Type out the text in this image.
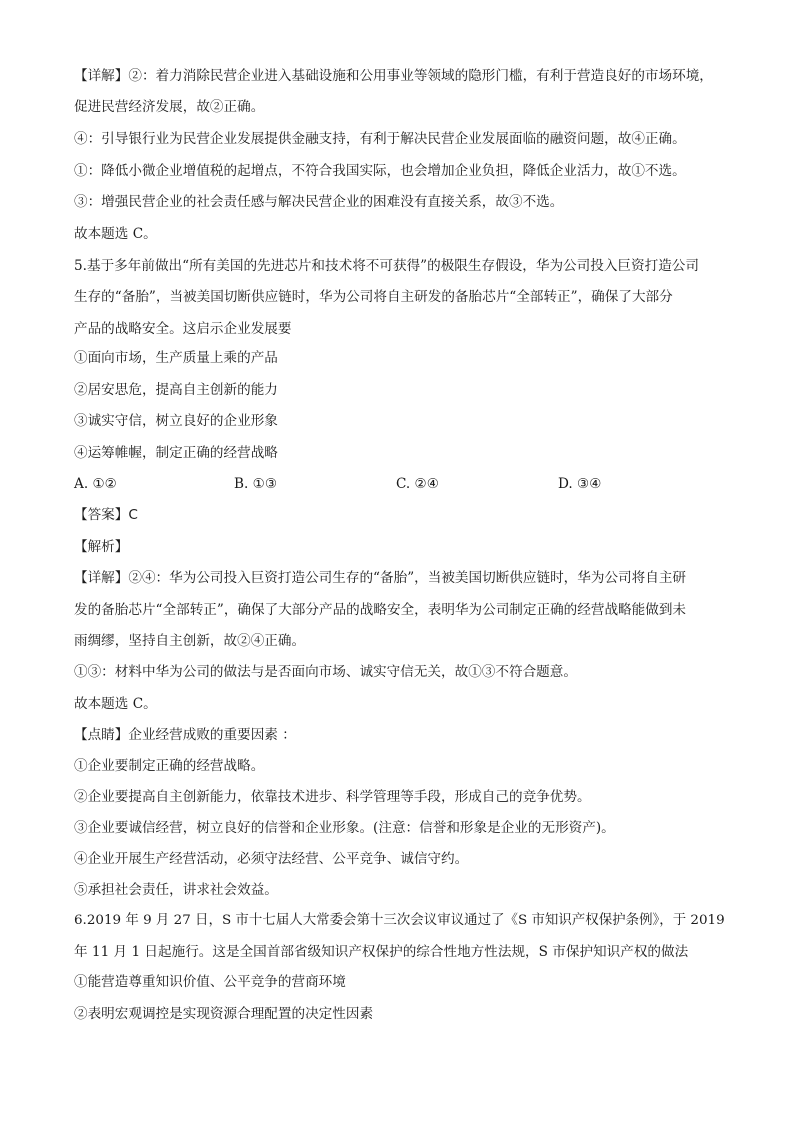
【详解】②：着力消除民营企业进入基础设施和公用事业等领域的隐形门槛，有利于营造良好的市场环境，
促进民营经济发展，故②正确。
④：引导银行业为民营企业发展提供金融支持，有利于解决民营企业发展面临的融资问题，故④正确。
①：降低小微企业增值税的起增点，不符合我国实际，也会增加企业负担，降低企业活力，故①不选。
③：增强民营企业的社会责任感与解决民营企业的困难没有直接关系，故③不选。
故本题选 C。
5.基于多年前做出“所有美国的先进芯片和技术将不可获得”的极限生存假设，华为公司投入巨资打造公司
生存的“备胎”，当被美国切断供应链时，华为公司将自主研发的备胎芯片“全部转正”，确保了大部分
产品的战略安全。这启示企业发展要
①面向市场，生产质量上乘的产品
②居安思危，提高自主创新的能力
③诚实守信，树立良好的企业形象
④运筹帷幄，制定正确的经营战略
A. ①②	B. ①③	C. ②④	D. ③④
【答案】C
【解析】
【详解】②④：华为公司投入巨资打造公司生存的“备胎”，当被美国切断供应链时，华为公司将自主研
发的备胎芯片“全部转正”，确保了大部分产品的战略安全，表明华为公司制定正确的经营战略能做到未
雨绸缪，坚持自主创新，故②④正确。
①③：材料中华为公司的做法与是否面向市场、诚实守信无关，故①③不符合题意。
故本题选 C。
【点睛】企业经营成败的重要因素 ：
①企业要制定正确的经营战略。
②企业要提高自主创新能力，依靠技术进步、科学管理等手段，形成自己的竞争优势。
③企业要诚信经营，树立良好的信誉和企业形象。(注意：信誉和形象是企业的无形资产)。
④企业开展生产经营活动，必须守法经营、公平竞争、诚信守约。
⑤承担社会责任，讲求社会效益。
6.2019 年 9 月 27 日，S 市十七届人大常委会第十三次会议审议通过了《S 市知识产权保护条例》，于 2019
年 11 月 1 日起施行。这是全国首部省级知识产权保护的综合性地方性法规，S 市保护知识产权的做法
①能营造尊重知识价值、公平竞争的营商环境
②表明宏观调控是实现资源合理配置的决定性因素
